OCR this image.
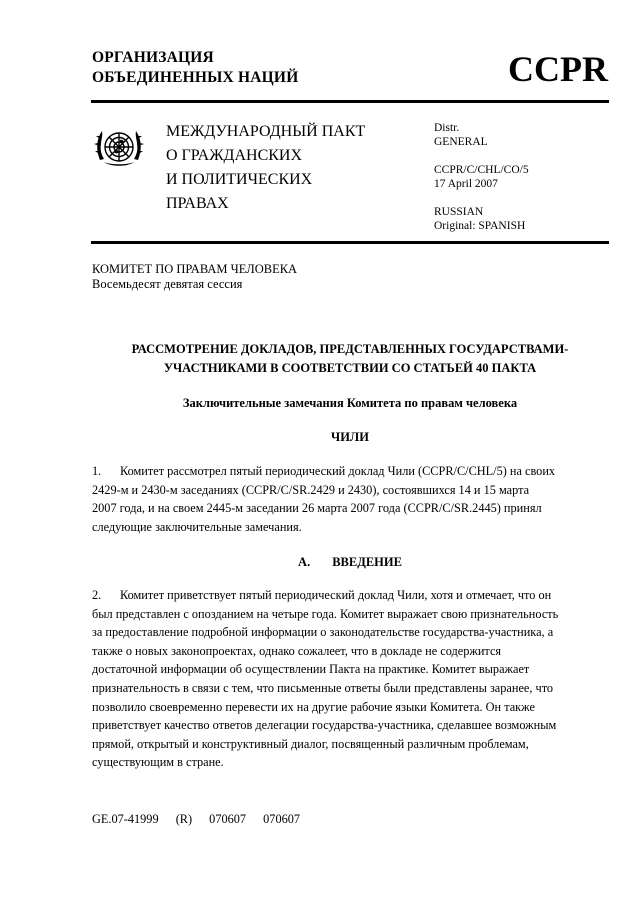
ОРГАНИЗАЦИЯ
ОБЪЕДИНЕННЫХ НАЦИЙ	CCPR
МЕЖДУНАРОДНЫЙ ПАКТ
О ГРАЖДАНСКИХ
И ПОЛИТИЧЕСКИХ
ПРАВАХ
Distr.
GENERAL
CCPR/C/CHL/CO/5
17 April 2007
RUSSIAN
Original: SPANISH
КОМИТЕТ ПО ПРАВАМ ЧЕЛОВЕКА
Восемьдесят девятая сессия
РАССМОТРЕНИЕ ДОКЛАДОВ, ПРЕДСТАВЛЕННЫХ ГОСУДАРСТВАМИ-
УЧАСТНИКАМИ В СООТВЕТСТВИИ СО СТАТЬЕЙ 40 ПАКТА
Заключительные замечания Комитета по правам человека
ЧИЛИ
1. Комитет рассмотрел пятый периодический доклад Чили (CCPR/C/CHL/5) на своих
2429-м и 2430-м заседаниях (CCPR/C/SR.2429 и 2430), состоявшихся 14 и 15 марта
2007 года, и на своем 2445-м заседании 26 марта 2007 года (CCPR/C/SR.2445) принял
следующие заключительные замечания.
A. ВВЕДЕНИЕ
2. Комитет приветствует пятый периодический доклад Чили, хотя и отмечает, что он
был представлен с опозданием на четыре года. Комитет выражает свою признательность
за предоставление подробной информации о законодательстве государства-участника, а
также о новых законопроектах, однако сожалеет, что в докладе не содержится
достаточной информации об осуществлении Пакта на практике. Комитет выражает
признательность в связи с тем, что письменные ответы были представлены заранее, что
позволило своевременно перевести их на другие рабочие языки Комитета. Он также
приветствует качество ответов делегации государства-участника, сделавшее возможным
прямой, открытый и конструктивный диалог, посвященный различным проблемам,
существующим в стране.
GE.07-41999 (R) 070607 070607
